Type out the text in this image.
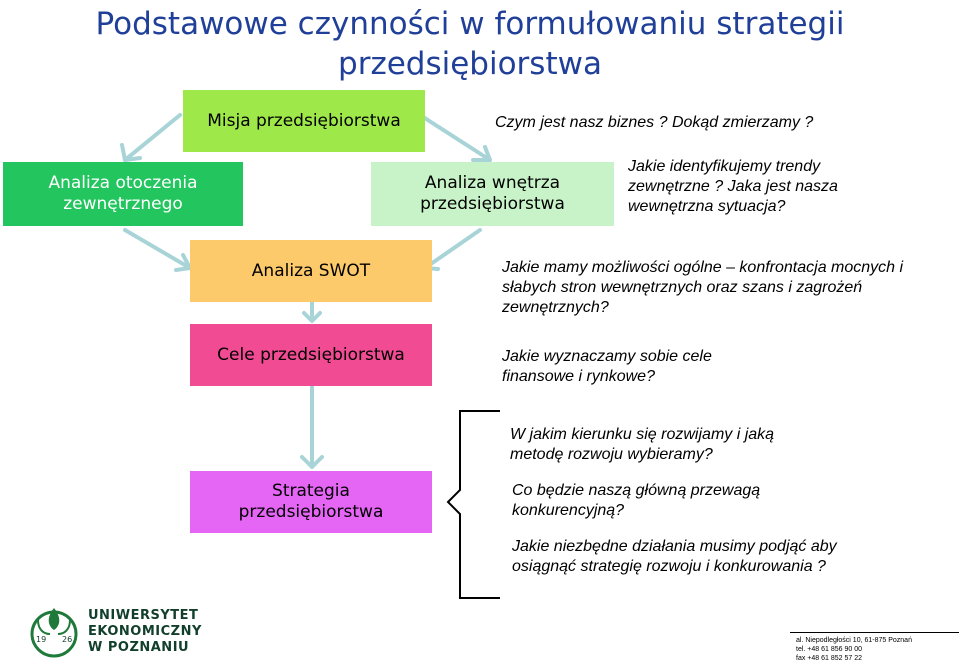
Podstawowe czynności w formułowaniu strategii przedsiębiorstwa
Misja przedsiębiorstwa
Analiza otoczenia zewnętrznego
Analiza wnętrza przedsiębiorstwa
Analiza SWOT
Cele przedsiębiorstwa
Strategia przedsiębiorstwa
Czym jest nasz biznes ? Dokąd zmierzamy ?
Jakie identyfikujemy trendy zewnętrzne ? Jaka jest nasza wewnętrzna sytuacja?
Jakie mamy możliwości ogólne – konfrontacja mocnych i słabych stron wewnętrznych oraz szans i zagrożeń zewnętrznych?
Jakie wyznaczamy sobie cele finansowe i rynkowe?
W jakim kierunku się rozwijamy i jaką metodę rozwoju wybieramy?
Co będzie naszą główną przewagą konkurencyjną?
Jakie niezbędne działania musimy podjąć aby osiągnąć strategię rozwoju i konkurowania ?
19 26
UNIWERSYTET
EKONOMICZNY
W POZNANIU	al. Niepodległości 10, 61-875 Poznań
tel. +48 61 856 90 00
fax +48 61 852 57 22
